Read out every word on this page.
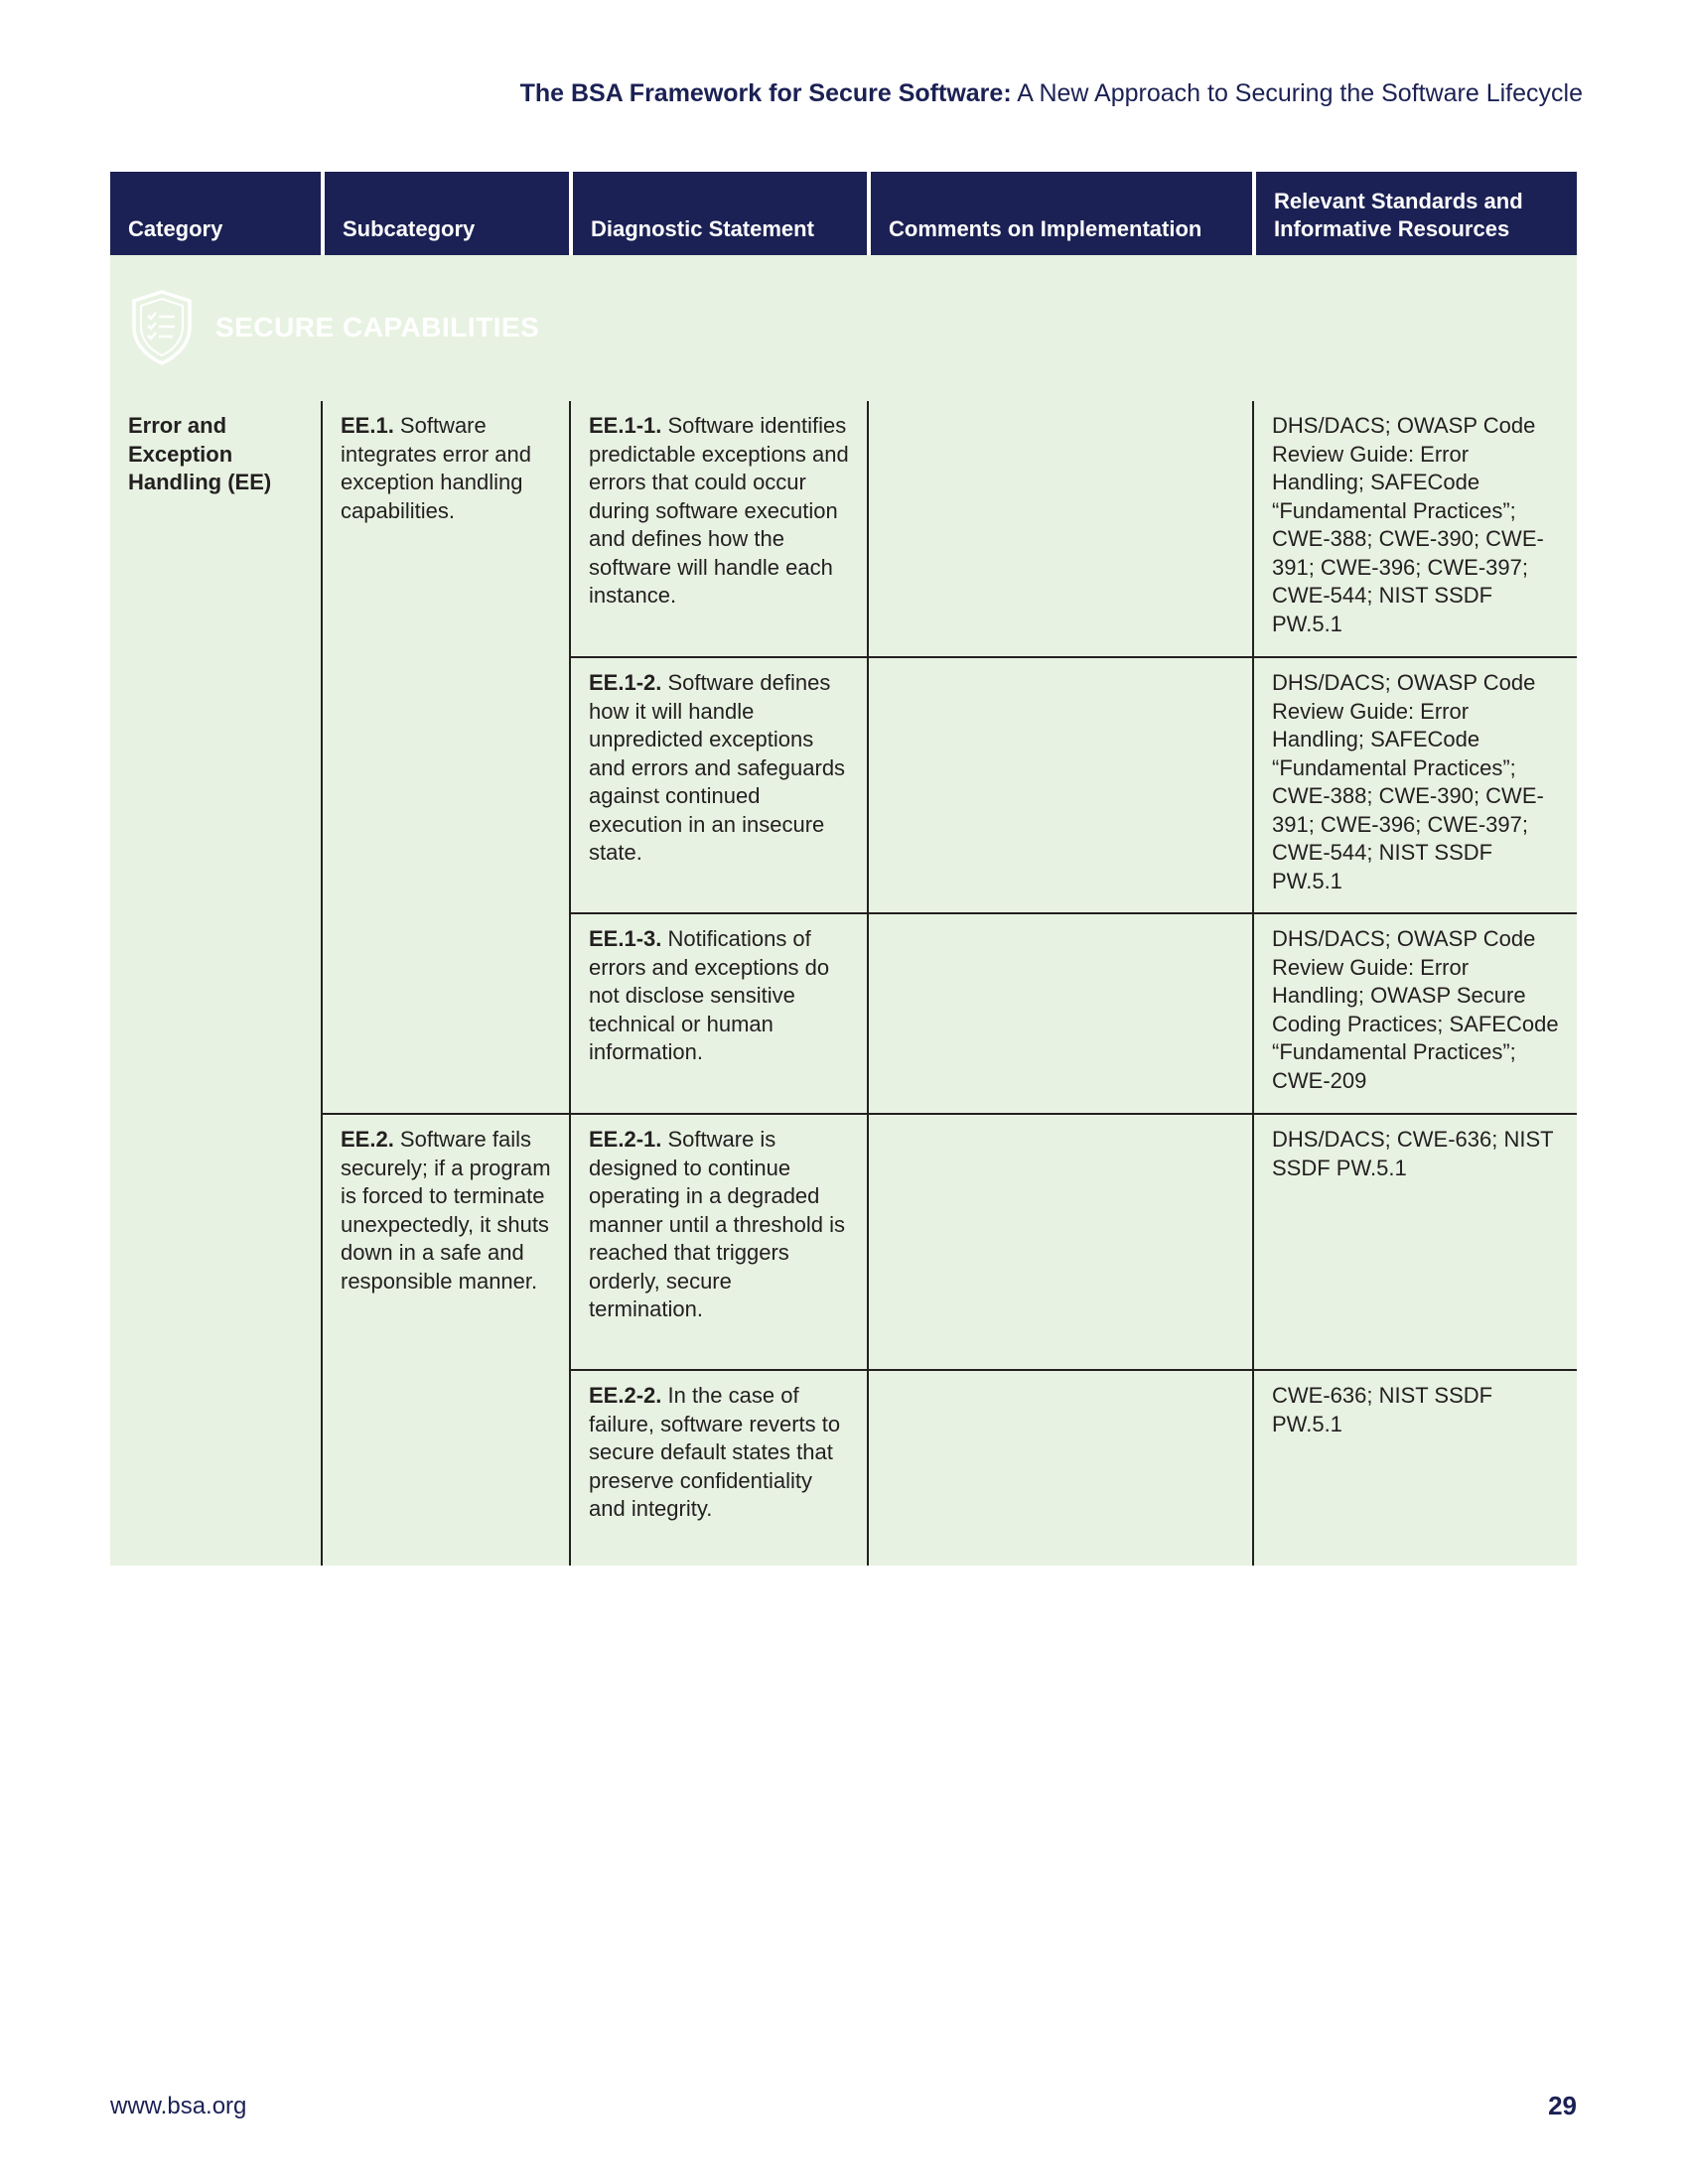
The BSA Framework for Secure Software: A New Approach to Securing the Software Lifecycle
Category	Subcategory	Diagnostic Statement	Comments on Implementation	Relevant Standards and Informative Resources

SECURE CAPABILITIES				

Error and Exception Handling (EE)	EE.1. Software integrates error and exception handling capabilities.	EE.1-1. Software identifies predictable exceptions and errors that could occur during software execution and defines how the software will handle each instance.		DHS/DACS; OWASP Code Review Guide: Error Handling; SAFECode “Fundamental Practices”; CWE-388; CWE-390; CWE-391; CWE-396; CWE-397; CWE-544; NIST SSDF PW.5.1
		EE.1-2. Software defines how it will handle unpredicted exceptions and errors and safeguards against continued execution in an insecure state.		DHS/DACS; OWASP Code Review Guide: Error Handling; SAFECode “Fundamental Practices”; CWE-388; CWE-390; CWE-391; CWE-396; CWE-397; CWE-544; NIST SSDF PW.5.1
		EE.1-3. Notifications of errors and exceptions do not disclose sensitive technical or human information.		DHS/DACS; OWASP Code Review Guide: Error Handling; OWASP Secure Coding Practices; SAFECode “Fundamental Practices”; CWE-209
	EE.2. Software fails securely; if a program is forced to terminate unexpectedly, it shuts down in a safe and responsible manner.	EE.2-1. Software is designed to continue operating in a degraded manner until a threshold is reached that triggers orderly, secure termination.		DHS/DACS; CWE-636; NIST SSDF PW.5.1
		EE.2-2. In the case of failure, software reverts to secure default states that preserve confidentiality and integrity.		CWE-636; NIST SSDF PW.5.1
www.bsa.org	29
